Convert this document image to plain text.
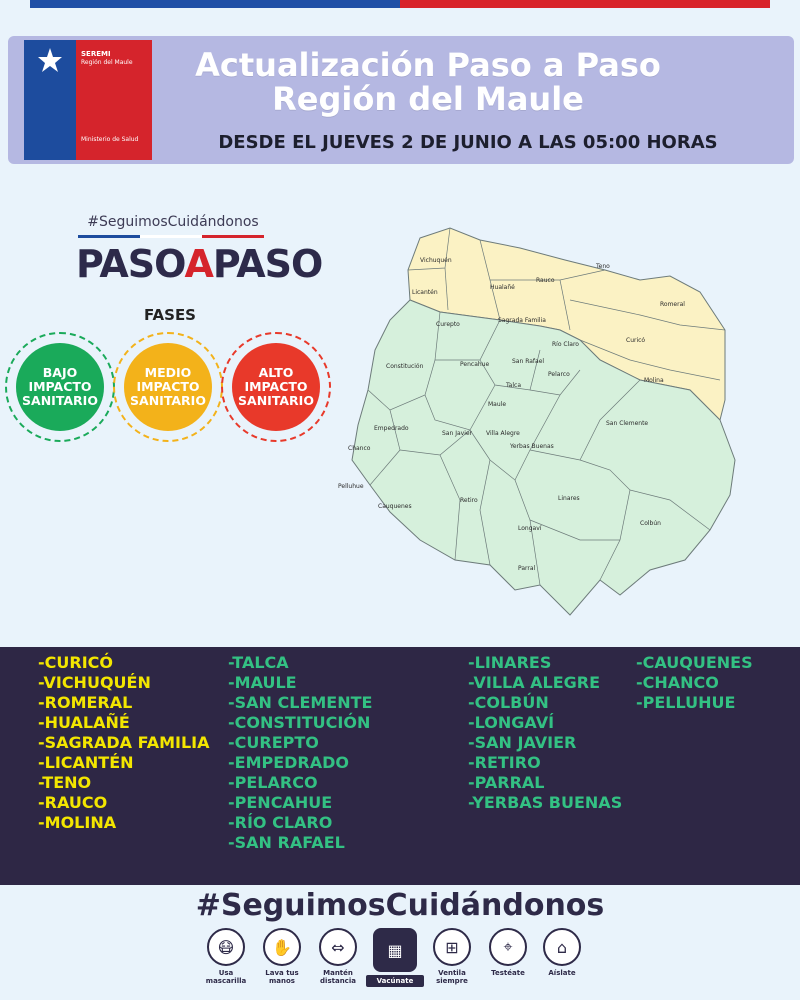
SEREMI
Región del Maule
Ministerio de Salud
Actualización Paso a Paso
Región del Maule
DESDE EL JUEVES 2 DE JUNIO A LAS 05:00 HORAS
#SeguimosCuidándonos
PASOAPASO
FASES
BAJO IMPACTO SANITARIO
MEDIO IMPACTO SANITARIO
ALTO IMPACTO SANITARIO
Vichuquén
Licantén
Hualañé
Rauco
Teno
Romeral
Sagrada Familia
Curicó
Molina
Curepto
Río Claro
Constitución	Pencahue	San Rafael
Talca
Pelarco
Maule
San Clemente
Empedrado
San Javier Villa Alegre
Yerbas Buenas
Chanco
Pelluhue
Cauquenes
Retiro	Linares
Longaví
Colbún
Parral
-CURICÓ
-VICHUQUÉN
-ROMERAL
-HUALAÑÉ
-SAGRADA FAMILIA
-LICANTÉN
-TENO
-RAUCO
-MOLINA
-TALCA
-MAULE
-SAN CLEMENTE
-CONSTITUCIÓN
-CUREPTO
-EMPEDRADO
-PELARCO
-PENCAHUE
-RÍO CLARO
-SAN RAFAEL
-LINARES
-VILLA ALEGRE
-COLBÚN
-LONGAVÍ
-SAN JAVIER
-RETIRO
-PARRAL
-YERBAS BUENAS
-CAUQUENES
-CHANCO
-PELLUHUE
#SeguimosCuidándonos
😷
Usa mascarilla
✋
Lava tus manos
⇔
Mantén distancia
▦
Vacúnate
⊞
Ventila siempre
⌖
Testéate
⌂
Aíslate
